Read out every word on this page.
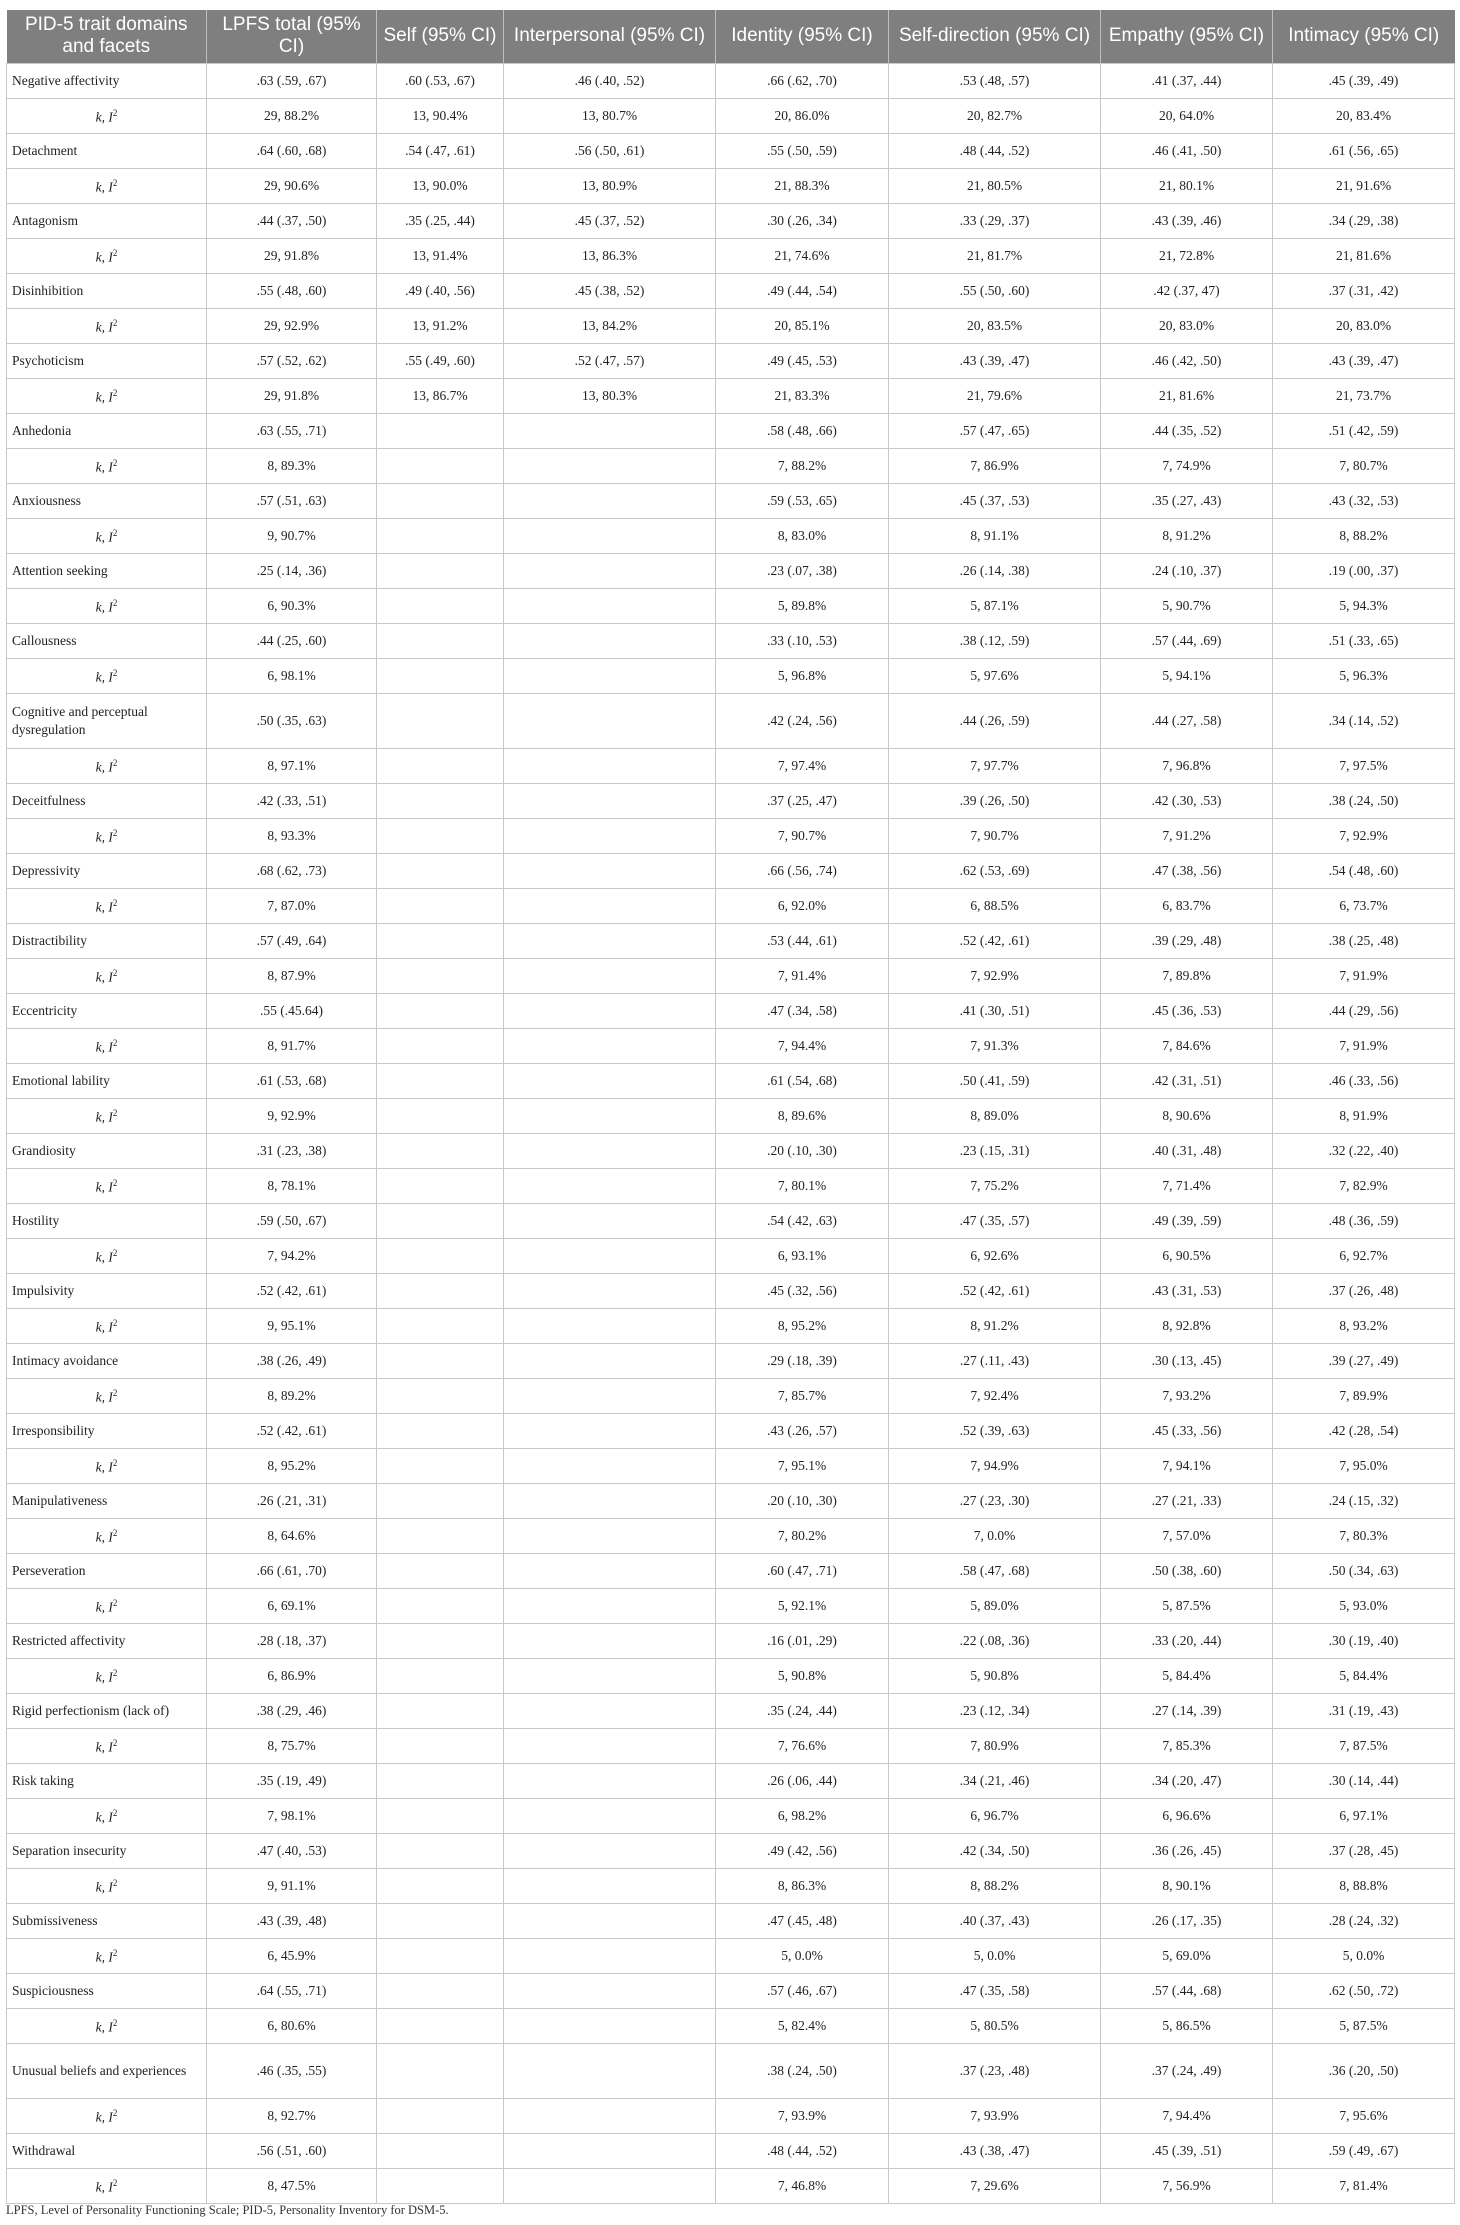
PID-5 trait domains and facets	LPFS total (95% CI)	Self (95% CI)	Interpersonal (95% CI)	Identity (95% CI)	Self-direction (95% CI)	Empathy (95% CI)	Intimacy (95% CI)
Negative affectivity	.63 (.59, .67)	.60 (.53, .67)	.46 (.40, .52)	.66 (.62, .70)	.53 (.48, .57)	.41 (.37, .44)	.45 (.39, .49)
k, $I^2$	29, 88.2%	13, 90.4%	13, 80.7%	20, 86.0%	20, 82.7%	20, 64.0%	20, 83.4%
Detachment	.64 (.60, .68)	.54 (.47, .61)	.56 (.50, .61)	.55 (.50, .59)	.48 (.44, .52)	.46 (.41, .50)	.61 (.56, .65)
k, $I^2$	29, 90.6%	13, 90.0%	13, 80.9%	21, 88.3%	21, 80.5%	21, 80.1%	21, 91.6%
Antagonism	.44 (.37, .50)	.35 (.25, .44)	.45 (.37, .52)	.30 (.26, .34)	.33 (.29, .37)	.43 (.39, .46)	.34 (.29, .38)
k, $I^2$	29, 91.8%	13, 91.4%	13, 86.3%	21, 74.6%	21, 81.7%	21, 72.8%	21, 81.6%
Disinhibition	.55 (.48, .60)	.49 (.40, .56)	.45 (.38, .52)	.49 (.44, .54)	.55 (.50, .60)	.42 (.37, 47)	.37 (.31, .42)
k, $I^2$	29, 92.9%	13, 91.2%	13, 84.2%	20, 85.1%	20, 83.5%	20, 83.0%	20, 83.0%
Psychoticism	.57 (.52, .62)	.55 (.49, .60)	.52 (.47, .57)	.49 (.45, .53)	.43 (.39, .47)	.46 (.42, .50)	.43 (.39, .47)
k, $I^2$	29, 91.8%	13, 86.7%	13, 80.3%	21, 83.3%	21, 79.6%	21, 81.6%	21, 73.7%
Anhedonia	.63 (.55, .71)			.58 (.48, .66)	.57 (.47, .65)	.44 (.35, .52)	.51 (.42, .59)
k, $I^2$	8, 89.3%			7, 88.2%	7, 86.9%	7, 74.9%	7, 80.7%
Anxiousness	.57 (.51, .63)			.59 (.53, .65)	.45 (.37, .53)	.35 (.27, .43)	.43 (.32, .53)
k, $I^2$	9, 90.7%			8, 83.0%	8, 91.1%	8, 91.2%	8, 88.2%
Attention seeking	.25 (.14, .36)			.23 (.07, .38)	.26 (.14, .38)	.24 (.10, .37)	.19 (.00, .37)
k, $I^2$	6, 90.3%			5, 89.8%	5, 87.1%	5, 90.7%	5, 94.3%
Callousness	.44 (.25, .60)			.33 (.10, .53)	.38 (.12, .59)	.57 (.44, .69)	.51 (.33, .65)
k, $I^2$	6, 98.1%			5, 96.8%	5, 97.6%	5, 94.1%	5, 96.3%
Cognitive and perceptual dysregulation	.50 (.35, .63)			.42 (.24, .56)	.44 (.26, .59)	.44 (.27, .58)	.34 (.14, .52)
k, $I^2$	8, 97.1%			7, 97.4%	7, 97.7%	7, 96.8%	7, 97.5%
Deceitfulness	.42 (.33, .51)			.37 (.25, .47)	.39 (.26, .50)	.42 (.30, .53)	.38 (.24, .50)
k, $I^2$	8, 93.3%			7, 90.7%	7, 90.7%	7, 91.2%	7, 92.9%
Depressivity	.68 (.62, .73)			.66 (.56, .74)	.62 (.53, .69)	.47 (.38, .56)	.54 (.48, .60)
k, $I^2$	7, 87.0%			6, 92.0%	6, 88.5%	6, 83.7%	6, 73.7%
Distractibility	.57 (.49, .64)			.53 (.44, .61)	.52 (.42, .61)	.39 (.29, .48)	.38 (.25, .48)
k, $I^2$	8, 87.9%			7, 91.4%	7, 92.9%	7, 89.8%	7, 91.9%
Eccentricity	.55 (.45.64)			.47 (.34, .58)	.41 (.30, .51)	.45 (.36, .53)	.44 (.29, .56)
k, $I^2$	8, 91.7%			7, 94.4%	7, 91.3%	7, 84.6%	7, 91.9%
Emotional lability	.61 (.53, .68)			.61 (.54, .68)	.50 (.41, .59)	.42 (.31, .51)	.46 (.33, .56)
k, $I^2$	9, 92.9%			8, 89.6%	8, 89.0%	8, 90.6%	8, 91.9%
Grandiosity	.31 (.23, .38)			.20 (.10, .30)	.23 (.15, .31)	.40 (.31, .48)	.32 (.22, .40)
k, $I^2$	8, 78.1%			7, 80.1%	7, 75.2%	7, 71.4%	7, 82.9%
Hostility	.59 (.50, .67)			.54 (.42, .63)	.47 (.35, .57)	.49 (.39, .59)	.48 (.36, .59)
k, $I^2$	7, 94.2%			6, 93.1%	6, 92.6%	6, 90.5%	6, 92.7%
Impulsivity	.52 (.42, .61)			.45 (.32, .56)	.52 (.42, .61)	.43 (.31, .53)	.37 (.26, .48)
k, $I^2$	9, 95.1%			8, 95.2%	8, 91.2%	8, 92.8%	8, 93.2%
Intimacy avoidance	.38 (.26, .49)			.29 (.18, .39)	.27 (.11, .43)	.30 (.13, .45)	.39 (.27, .49)
k, $I^2$	8, 89.2%			7, 85.7%	7, 92.4%	7, 93.2%	7, 89.9%
Irresponsibility	.52 (.42, .61)			.43 (.26, .57)	.52 (.39, .63)	.45 (.33, .56)	.42 (.28, .54)
k, $I^2$	8, 95.2%			7, 95.1%	7, 94.9%	7, 94.1%	7, 95.0%
Manipulativeness	.26 (.21, .31)			.20 (.10, .30)	.27 (.23, .30)	.27 (.21, .33)	.24 (.15, .32)
k, $I^2$	8, 64.6%			7, 80.2%	7, 0.0%	7, 57.0%	7, 80.3%
Perseveration	.66 (.61, .70)			.60 (.47, .71)	.58 (.47, .68)	.50 (.38, .60)	.50 (.34, .63)
k, $I^2$	6, 69.1%			5, 92.1%	5, 89.0%	5, 87.5%	5, 93.0%
Restricted affectivity	.28 (.18, .37)			.16 (.01, .29)	.22 (.08, .36)	.33 (.20, .44)	.30 (.19, .40)
k, $I^2$	6, 86.9%			5, 90.8%	5, 90.8%	5, 84.4%	5, 84.4%
Rigid perfectionism (lack of)	.38 (.29, .46)			.35 (.24, .44)	.23 (.12, .34)	.27 (.14, .39)	.31 (.19, .43)
k, $I^2$	8, 75.7%			7, 76.6%	7, 80.9%	7, 85.3%	7, 87.5%
Risk taking	.35 (.19, .49)			.26 (.06, .44)	.34 (.21, .46)	.34 (.20, .47)	.30 (.14, .44)
k, $I^2$	7, 98.1%			6, 98.2%	6, 96.7%	6, 96.6%	6, 97.1%
Separation insecurity	.47 (.40, .53)			.49 (.42, .56)	.42 (.34, .50)	.36 (.26, .45)	.37 (.28, .45)
k, $I^2$	9, 91.1%			8, 86.3%	8, 88.2%	8, 90.1%	8, 88.8%
Submissiveness	.43 (.39, .48)			.47 (.45, .48)	.40 (.37, .43)	.26 (.17, .35)	.28 (.24, .32)
k, $I^2$	6, 45.9%			5, 0.0%	5, 0.0%	5, 69.0%	5, 0.0%
Suspiciousness	.64 (.55, .71)			.57 (.46, .67)	.47 (.35, .58)	.57 (.44, .68)	.62 (.50, .72)
k, $I^2$	6, 80.6%			5, 82.4%	5, 80.5%	5, 86.5%	5, 87.5%
Unusual beliefs and experiences	.46 (.35, .55)			.38 (.24, .50)	.37 (.23, .48)	.37 (.24, .49)	.36 (.20, .50)
k, $I^2$	8, 92.7%			7, 93.9%	7, 93.9%	7, 94.4%	7, 95.6%
Withdrawal	.56 (.51, .60)			.48 (.44, .52)	.43 (.38, .47)	.45 (.39, .51)	.59 (.49, .67)
k, $I^2$	8, 47.5%			7, 46.8%	7, 29.6%	7, 56.9%	7, 81.4%
LPFS, Level of Personality Functioning Scale; PID-5, Personality Inventory for DSM-5.
